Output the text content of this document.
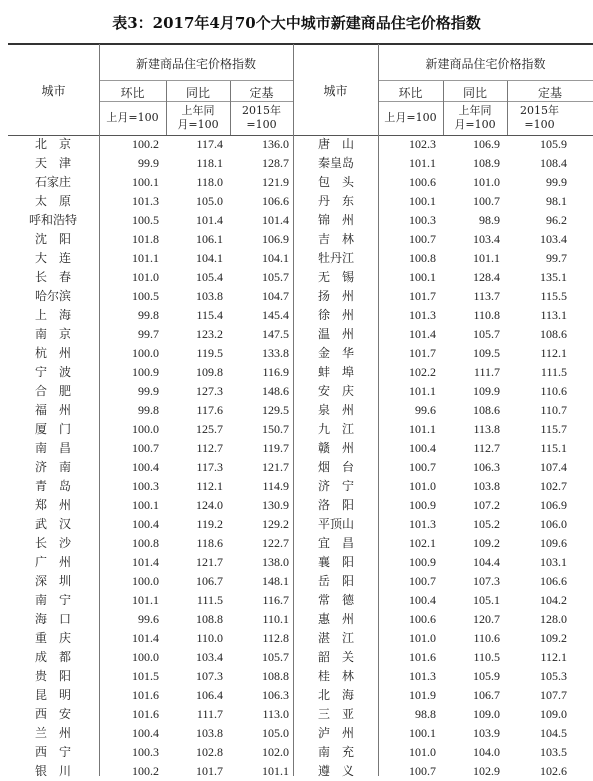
表3：2017年4月70个大中城市新建商品住宅价格指数
城市
新建商品住宅价格指数
环比	同比	定基
上月=100
上年同
月=100
2015年
=100
城市
新建商品住宅价格指数
环比	同比	定基
上月=100
上年同
月=100
2015年
=100
北　京	100.2	117.4	136.0	唐　山	102.3	106.9	105.9
天　津	99.9	118.1	128.7	秦皇岛	101.1	108.9	108.4
石家庄	100.1	118.0	121.9	包　头	100.6	101.0	99.9
太　原	101.3	105.0	106.6	丹　东	100.1	100.7	98.1
呼和浩特	100.5	101.4	101.4	锦　州	100.3	98.9	96.2
沈　阳	101.8	106.1	106.9	吉　林	100.7	103.4	103.4
大　连	101.1	104.1	104.1	牡丹江	100.8	101.1	99.7
长　春	101.0	105.4	105.7	无　锡	100.1	128.4	135.1
哈尔滨	100.5	103.8	104.7	扬　州	101.7	113.7	115.5
上　海	99.8	115.4	145.4	徐　州	101.3	110.8	113.1
南　京	99.7	123.2	147.5	温　州	101.4	105.7	108.6
杭　州	100.0	119.5	133.8	金　华	101.7	109.5	112.1
宁　波	100.9	109.8	116.9	蚌　埠	102.2	111.7	111.5
合　肥	99.9	127.3	148.6	安　庆	101.1	109.9	110.6
福　州	99.8	117.6	129.5	泉　州	99.6	108.6	110.7
厦　门	100.0	125.7	150.7	九　江	101.1	113.8	115.7
南　昌	100.7	112.7	119.7	赣　州	100.4	112.7	115.1
济　南	100.4	117.3	121.7	烟　台	100.7	106.3	107.4
青　岛	100.3	112.1	114.9	济　宁	101.0	103.8	102.7
郑　州	100.1	124.0	130.9	洛　阳	100.9	107.2	106.9
武　汉	100.4	119.2	129.2	平顶山	101.3	105.2	106.0
长　沙	100.8	118.6	122.7	宜　昌	102.1	109.2	109.6
广　州	101.4	121.7	138.0	襄　阳	100.9	104.4	103.1
深　圳	100.0	106.7	148.1	岳　阳	100.7	107.3	106.6
南　宁	101.1	111.5	116.7	常　德	100.4	105.1	104.2
海　口	99.6	108.8	110.1	惠　州	100.6	120.7	128.0
重　庆	101.4	110.0	112.8	湛　江	101.0	110.6	109.2
成　都	100.0	103.4	105.7	韶　关	101.6	110.5	112.1
贵　阳	101.5	107.3	108.8	桂　林	101.3	105.9	105.3
昆　明	101.6	106.4	106.3	北　海	101.9	106.7	107.7
西　安	101.6	111.7	113.0	三　亚	98.8	109.0	109.0
兰　州	100.4	103.8	105.0	泸　州	100.1	103.9	104.5
西　宁	100.3	102.8	102.0	南　充	101.0	104.0	103.5
银　川	100.2	101.7	101.1	遵　义	100.7	102.9	102.6
